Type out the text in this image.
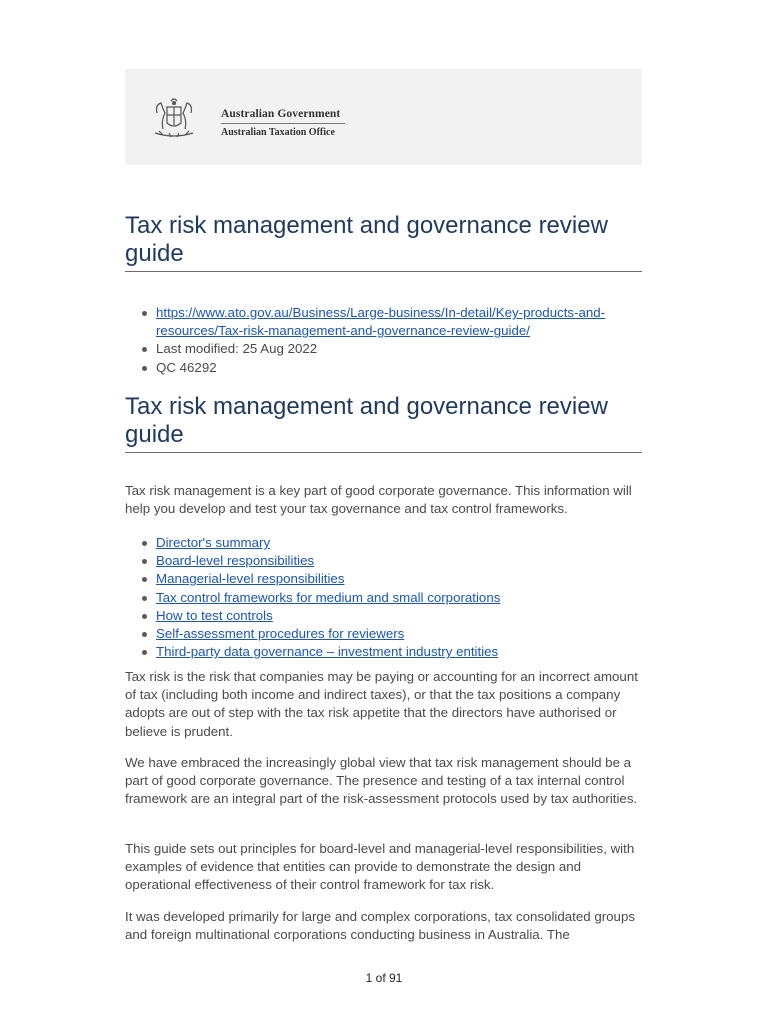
Australian Government
Australian Taxation Office
Tax risk management and governance review guide
https://www.ato.gov.au/Business/Large-business/In-detail/Key-products-and-resources/Tax-risk-management-and-governance-review-guide/
Last modified: 25 Aug 2022
QC 46292
Tax risk management and governance review guide

Tax risk management is a key part of good corporate governance. This information will help you develop and test your tax governance and tax control frameworks.

Director's summary
Board-level responsibilities
Managerial-level responsibilities
Tax control frameworks for medium and small corporations
How to test controls
Self-assessment procedures for reviewers
Third-party data governance – investment industry entities

Tax risk is the risk that companies may be paying or accounting for an incorrect amount of tax (including both income and indirect taxes), or that the tax positions a company adopts are out of step with the tax risk appetite that the directors have authorised or believe is prudent.

We have embraced the increasingly global view that tax risk management should be a part of good corporate governance. The presence and testing of a tax internal control framework are an integral part of the risk-assessment protocols used by tax authorities.

This guide sets out principles for board-level and managerial-level responsibilities, with examples of evidence that entities can provide to demonstrate the design and operational effectiveness of their control framework for tax risk.

It was developed primarily for large and complex corporations, tax consolidated groups and foreign multinational corporations conducting business in Australia. The

1 of 91
